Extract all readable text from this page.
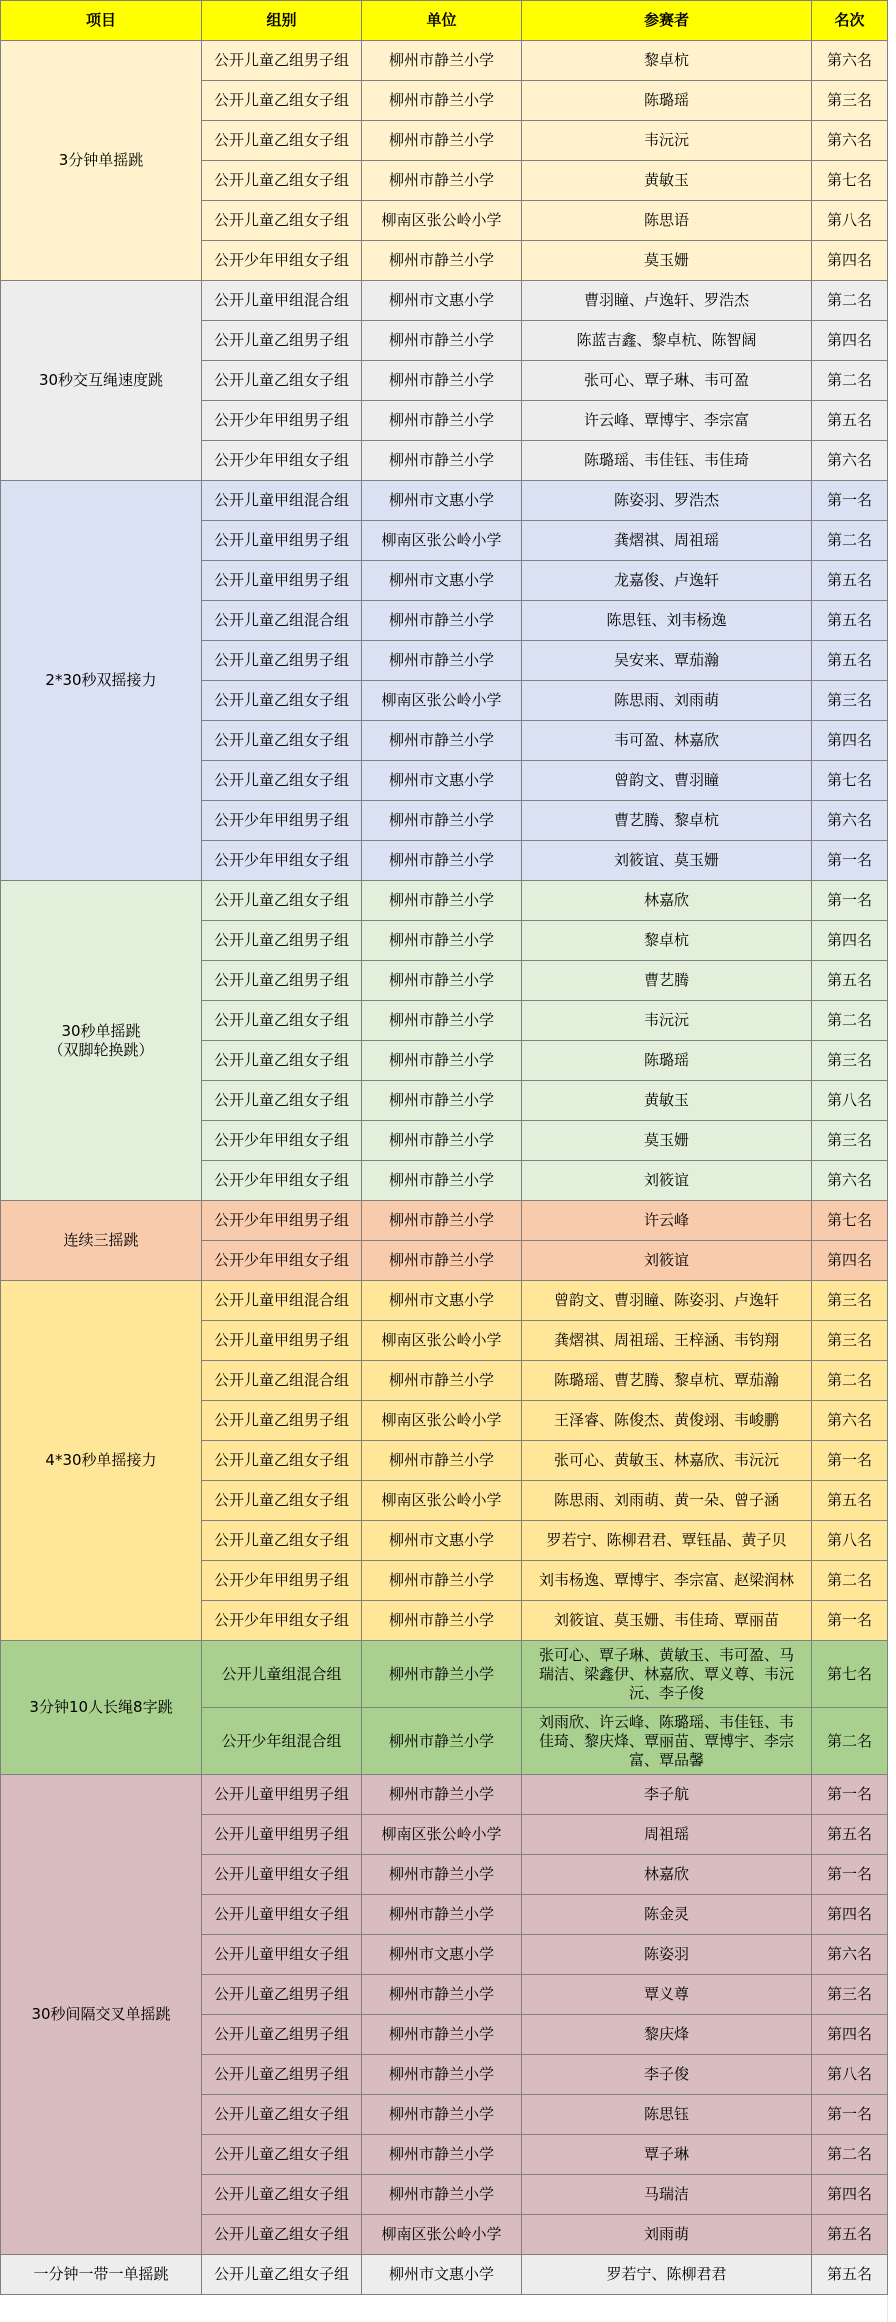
项目	组别	单位	参赛者	名次
3分钟单摇跳	公开儿童乙组男子组	柳州市静兰小学	黎卓杭	第六名
	公开儿童乙组女子组	柳州市静兰小学	陈璐瑶	第三名
	公开儿童乙组女子组	柳州市静兰小学	韦沅沅	第六名
	公开儿童乙组女子组	柳州市静兰小学	黄敏玉	第七名
	公开儿童乙组女子组	柳南区张公岭小学	陈思语	第八名
	公开少年甲组女子组	柳州市静兰小学	莫玉姗	第四名
30秒交互绳速度跳	公开儿童甲组混合组	柳州市文惠小学	曹羽瞳、卢逸轩、罗浩杰	第二名
	公开儿童乙组男子组	柳州市静兰小学	陈蓝吉鑫、黎卓杭、陈智阔	第四名
	公开儿童乙组女子组	柳州市静兰小学	张可心、覃子琳、韦可盈	第二名
	公开少年甲组男子组	柳州市静兰小学	许云峰、覃博宇、李宗富	第五名
	公开少年甲组女子组	柳州市静兰小学	陈璐瑶、韦佳钰、韦佳琦	第六名
2*30秒双摇接力	公开儿童甲组混合组	柳州市文惠小学	陈姿羽、罗浩杰	第一名
	公开儿童甲组男子组	柳南区张公岭小学	龚熠祺、周祖瑶	第二名
	公开儿童甲组男子组	柳州市文惠小学	龙嘉俊、卢逸轩	第五名
	公开儿童乙组混合组	柳州市静兰小学	陈思钰、刘韦杨逸	第五名
	公开儿童乙组男子组	柳州市静兰小学	吴安来、覃茄瀚	第五名
	公开儿童乙组女子组	柳南区张公岭小学	陈思雨、刘雨萌	第三名
	公开儿童乙组女子组	柳州市静兰小学	韦可盈、林嘉欣	第四名
	公开儿童乙组女子组	柳州市文惠小学	曾韵文、曹羽瞳	第七名
	公开少年甲组男子组	柳州市静兰小学	曹艺腾、黎卓杭	第六名
	公开少年甲组女子组	柳州市静兰小学	刘筱谊、莫玉姗	第一名
30秒单摇跳
（双脚轮换跳）	公开儿童乙组女子组	柳州市静兰小学	林嘉欣	第一名
	公开儿童乙组男子组	柳州市静兰小学	黎卓杭	第四名
	公开儿童乙组男子组	柳州市静兰小学	曹艺腾	第五名
	公开儿童乙组女子组	柳州市静兰小学	韦沅沅	第二名
	公开儿童乙组女子组	柳州市静兰小学	陈璐瑶	第三名
	公开儿童乙组女子组	柳州市静兰小学	黄敏玉	第八名
	公开少年甲组女子组	柳州市静兰小学	莫玉姗	第三名
	公开少年甲组女子组	柳州市静兰小学	刘筱谊	第六名
连续三摇跳	公开少年甲组男子组	柳州市静兰小学	许云峰	第七名
	公开少年甲组女子组	柳州市静兰小学	刘筱谊	第四名
4*30秒单摇接力	公开儿童甲组混合组	柳州市文惠小学	曾韵文、曹羽瞳、陈姿羽、卢逸轩	第三名
	公开儿童甲组男子组	柳南区张公岭小学	龚熠祺、周祖瑶、王梓涵、韦钧翔	第三名
	公开儿童乙组混合组	柳州市静兰小学	陈璐瑶、曹艺腾、黎卓杭、覃茄瀚	第二名
	公开儿童乙组男子组	柳南区张公岭小学	王泽睿、陈俊杰、黄俊翊、韦峻鹏	第六名
	公开儿童乙组女子组	柳州市静兰小学	张可心、黄敏玉、林嘉欣、韦沅沅	第一名
	公开儿童乙组女子组	柳南区张公岭小学	陈思雨、刘雨萌、黄一朵、曾子涵	第五名
	公开儿童乙组女子组	柳州市文惠小学	罗若宁、陈柳君君、覃钰晶、黄子贝	第八名
	公开少年甲组男子组	柳州市静兰小学	刘韦杨逸、覃博宇、李宗富、赵梁润林	第二名
	公开少年甲组女子组	柳州市静兰小学	刘筱谊、莫玉姗、韦佳琦、覃丽苗	第一名
3分钟10人长绳8字跳	公开儿童组混合组	柳州市静兰小学	张可心、覃子琳、黄敏玉、韦可盈、马
瑞洁、梁鑫伊、林嘉欣、覃义尊、韦沅
沅、李子俊	第七名
	公开少年组混合组	柳州市静兰小学	刘雨欣、许云峰、陈璐瑶、韦佳钰、韦
佳琦、黎庆烽、覃丽苗、覃博宇、李宗
富、覃品馨	第二名
30秒间隔交叉单摇跳	公开儿童甲组男子组	柳州市静兰小学	李子航	第一名
	公开儿童甲组男子组	柳南区张公岭小学	周祖瑶	第五名
	公开儿童甲组女子组	柳州市静兰小学	林嘉欣	第一名
	公开儿童甲组女子组	柳州市静兰小学	陈金灵	第四名
	公开儿童甲组女子组	柳州市文惠小学	陈姿羽	第六名
	公开儿童乙组男子组	柳州市静兰小学	覃义尊	第三名
	公开儿童乙组男子组	柳州市静兰小学	黎庆烽	第四名
	公开儿童乙组男子组	柳州市静兰小学	李子俊	第八名
	公开儿童乙组女子组	柳州市静兰小学	陈思钰	第一名
	公开儿童乙组女子组	柳州市静兰小学	覃子琳	第二名
	公开儿童乙组女子组	柳州市静兰小学	马瑞洁	第四名
	公开儿童乙组女子组	柳南区张公岭小学	刘雨萌	第五名
一分钟一带一单摇跳	公开儿童乙组女子组	柳州市文惠小学	罗若宁、陈柳君君	第五名
